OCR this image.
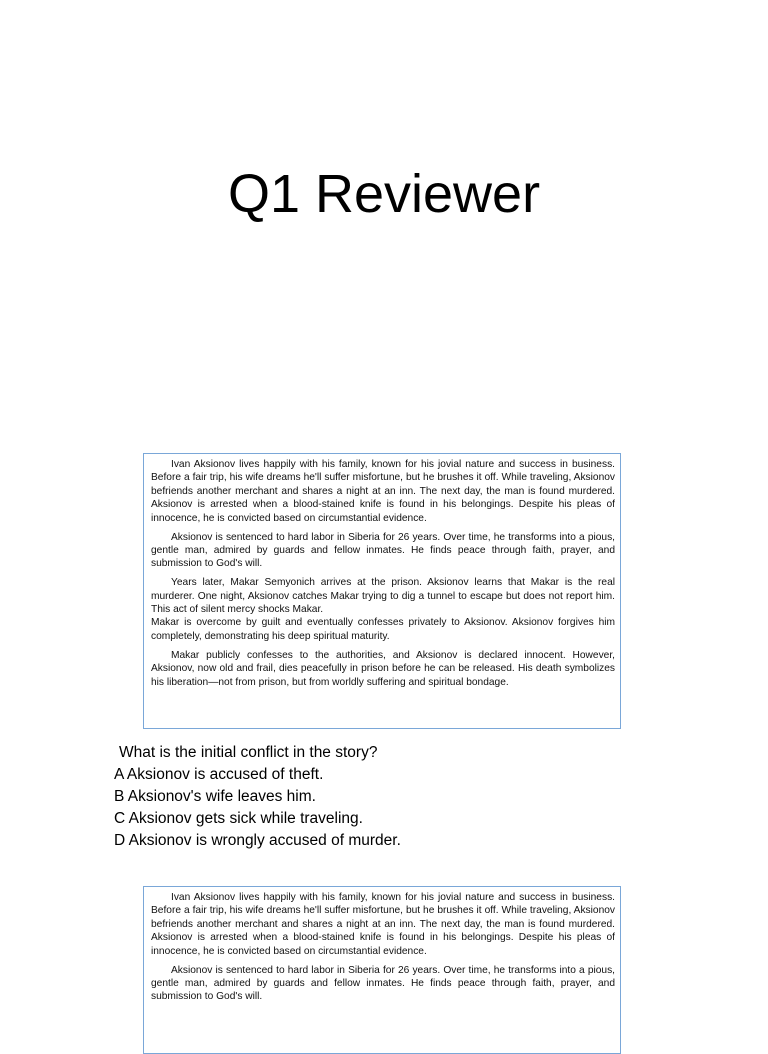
Q1 Reviewer

Ivan Aksionov lives happily with his family, known for his jovial nature and success in business. Before a fair trip, his wife dreams he'll suffer misfortune, but he brushes it off. While traveling, Aksionov befriends another merchant and shares a night at an inn. The next day, the man is found murdered. Aksionov is arrested when a blood-stained knife is found in his belongings. Despite his pleas of innocence, he is convicted based on circumstantial evidence.

Aksionov is sentenced to hard labor in Siberia for 26 years. Over time, he transforms into a pious, gentle man, admired by guards and fellow inmates. He finds peace through faith, prayer, and submission to God's will.

Years later, Makar Semyonich arrives at the prison. Aksionov learns that Makar is the real murderer. One night, Aksionov catches Makar trying to dig a tunnel to escape but does not report him. This act of silent mercy shocks Makar.

Makar is overcome by guilt and eventually confesses privately to Aksionov. Aksionov forgives him completely, demonstrating his deep spiritual maturity.

Makar publicly confesses to the authorities, and Aksionov is declared innocent. However, Aksionov, now old and frail, dies peacefully in prison before he can be released. His death symbolizes his liberation—not from prison, but from worldly suffering and spiritual bondage.

What is the initial conflict in the story?
A Aksionov is accused of theft.
B Aksionov's wife leaves him.
C Aksionov gets sick while traveling.
D Aksionov is wrongly accused of murder.

Ivan Aksionov lives happily with his family, known for his jovial nature and success in business. Before a fair trip, his wife dreams he'll suffer misfortune, but he brushes it off. While traveling, Aksionov befriends another merchant and shares a night at an inn. The next day, the man is found murdered. Aksionov is arrested when a blood-stained knife is found in his belongings. Despite his pleas of innocence, he is convicted based on circumstantial evidence.

Aksionov is sentenced to hard labor in Siberia for 26 years. Over time, he transforms into a pious, gentle man, admired by guards and fellow inmates. He finds peace through faith, prayer, and submission to God's will.
